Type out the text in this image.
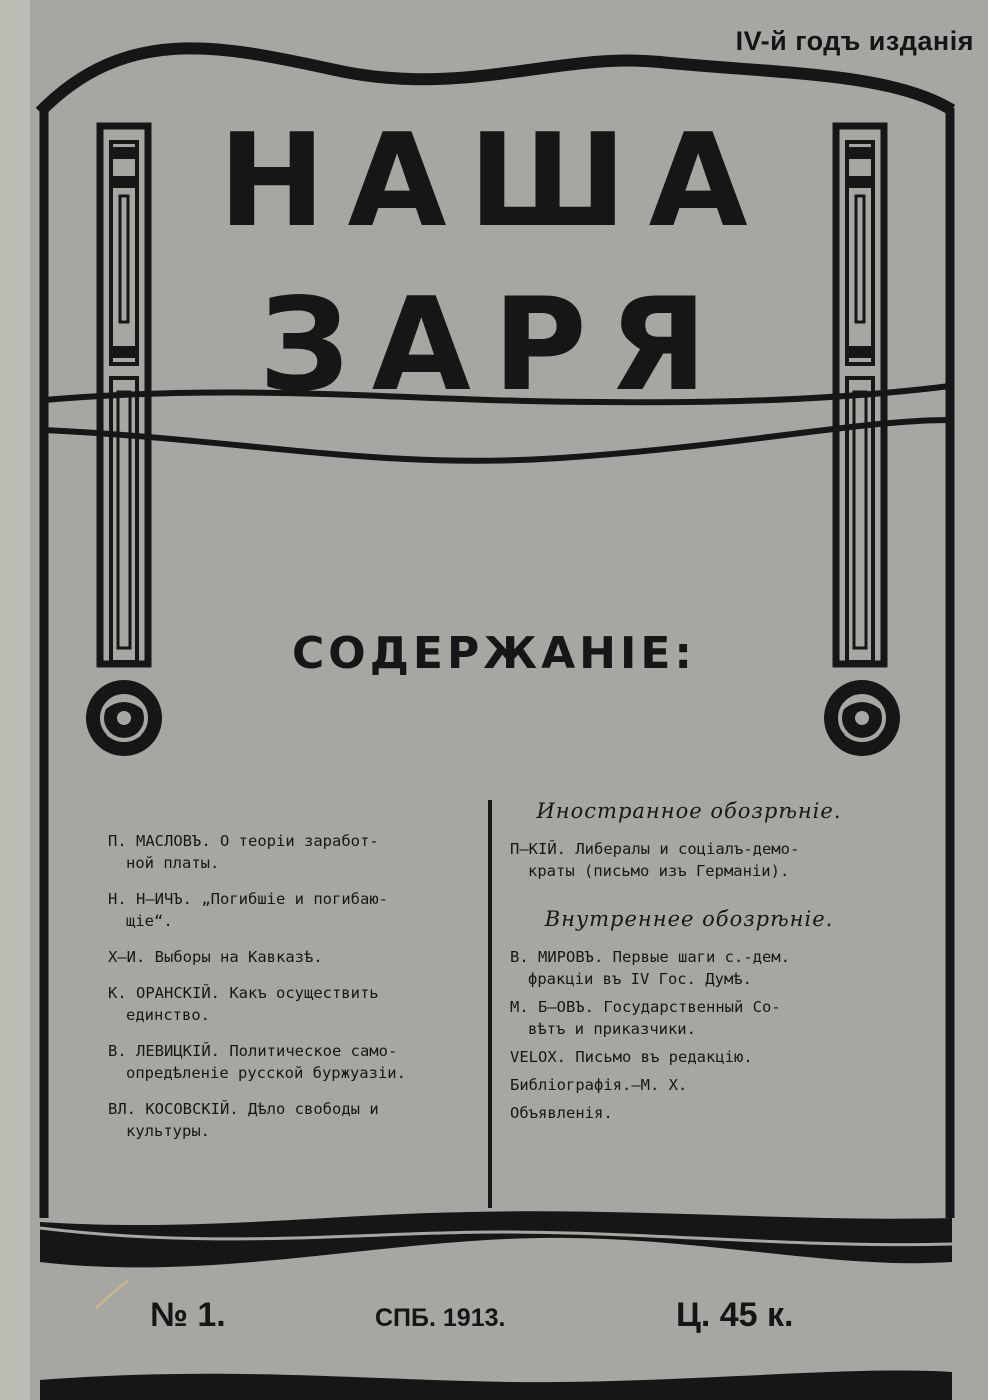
IV-й годъ изданія
НАША
ЗАРЯ
СОДЕРЖАНІЕ:
П. МАСЛОВЪ. О теоріи заработ-
ной платы.
Н. Н—ИЧЪ. „Погибшіе и погибаю-
щіе“.
Х—И. Выборы на Кавказѣ.
К. ОРАНСКІЙ. Какъ осуществить
единство.
В. ЛЕВИЦКІЙ. Политическое само-
опредѣленіе русской буржуазіи.
ВЛ. КОСОВСКІЙ. Дѣло свободы и
культуры.
Иностранное обозрѣніе.
П—КІЙ. Либералы и соціалъ-демо-
краты (письмо изъ Германіи).
Внутреннее обозрѣніе.
В. МИРОВЪ. Первые шаги с.-дем.
фракціи въ IV Гос. Думѣ.
М. Б—ОВЪ. Государственный Со-
вѣтъ и приказчики.
VELOX. Письмо въ редакцію.
Библіографія.—М. Х.
Объявленія.
№ 1.	СПБ. 1913.	Ц. 45 к.
